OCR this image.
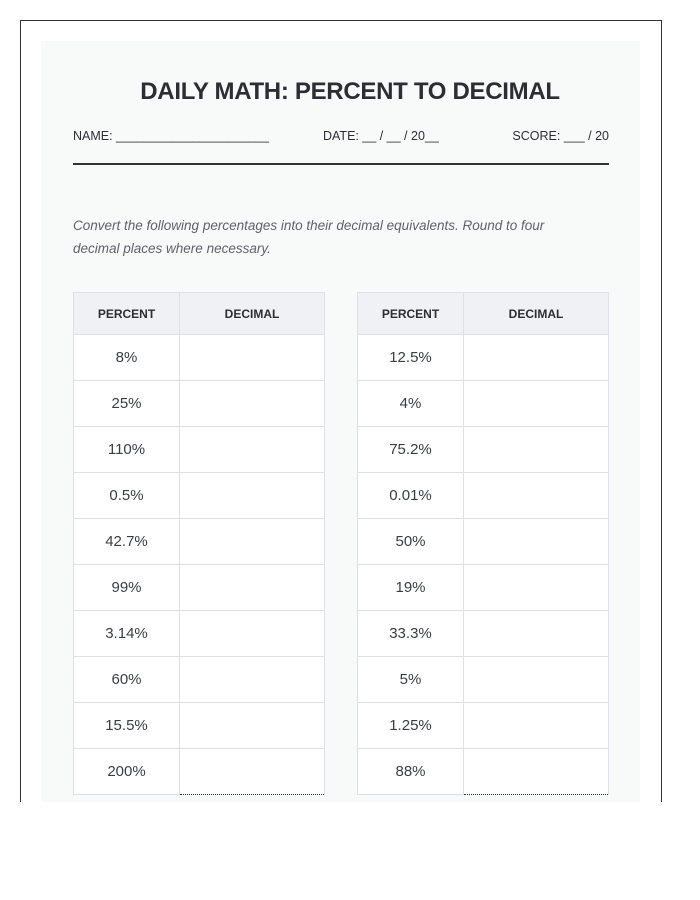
DAILY MATH: PERCENT TO DECIMAL
NAME: ______________________	DATE: __ / __ / 20__	SCORE: ___ / 20

Convert the following percentages into their decimal equivalents. Round to four decimal places where necessary.

PERCENT	DECIMAL
8%	
25%	
110%	
0.5%	
42.7%	
99%	
3.14%	
60%	
15.5%	
200%	
PERCENT	DECIMAL
12.5%	
4%	
75.2%	
0.01%	
50%	
19%	
33.3%	
5%	
1.25%	
88%	
